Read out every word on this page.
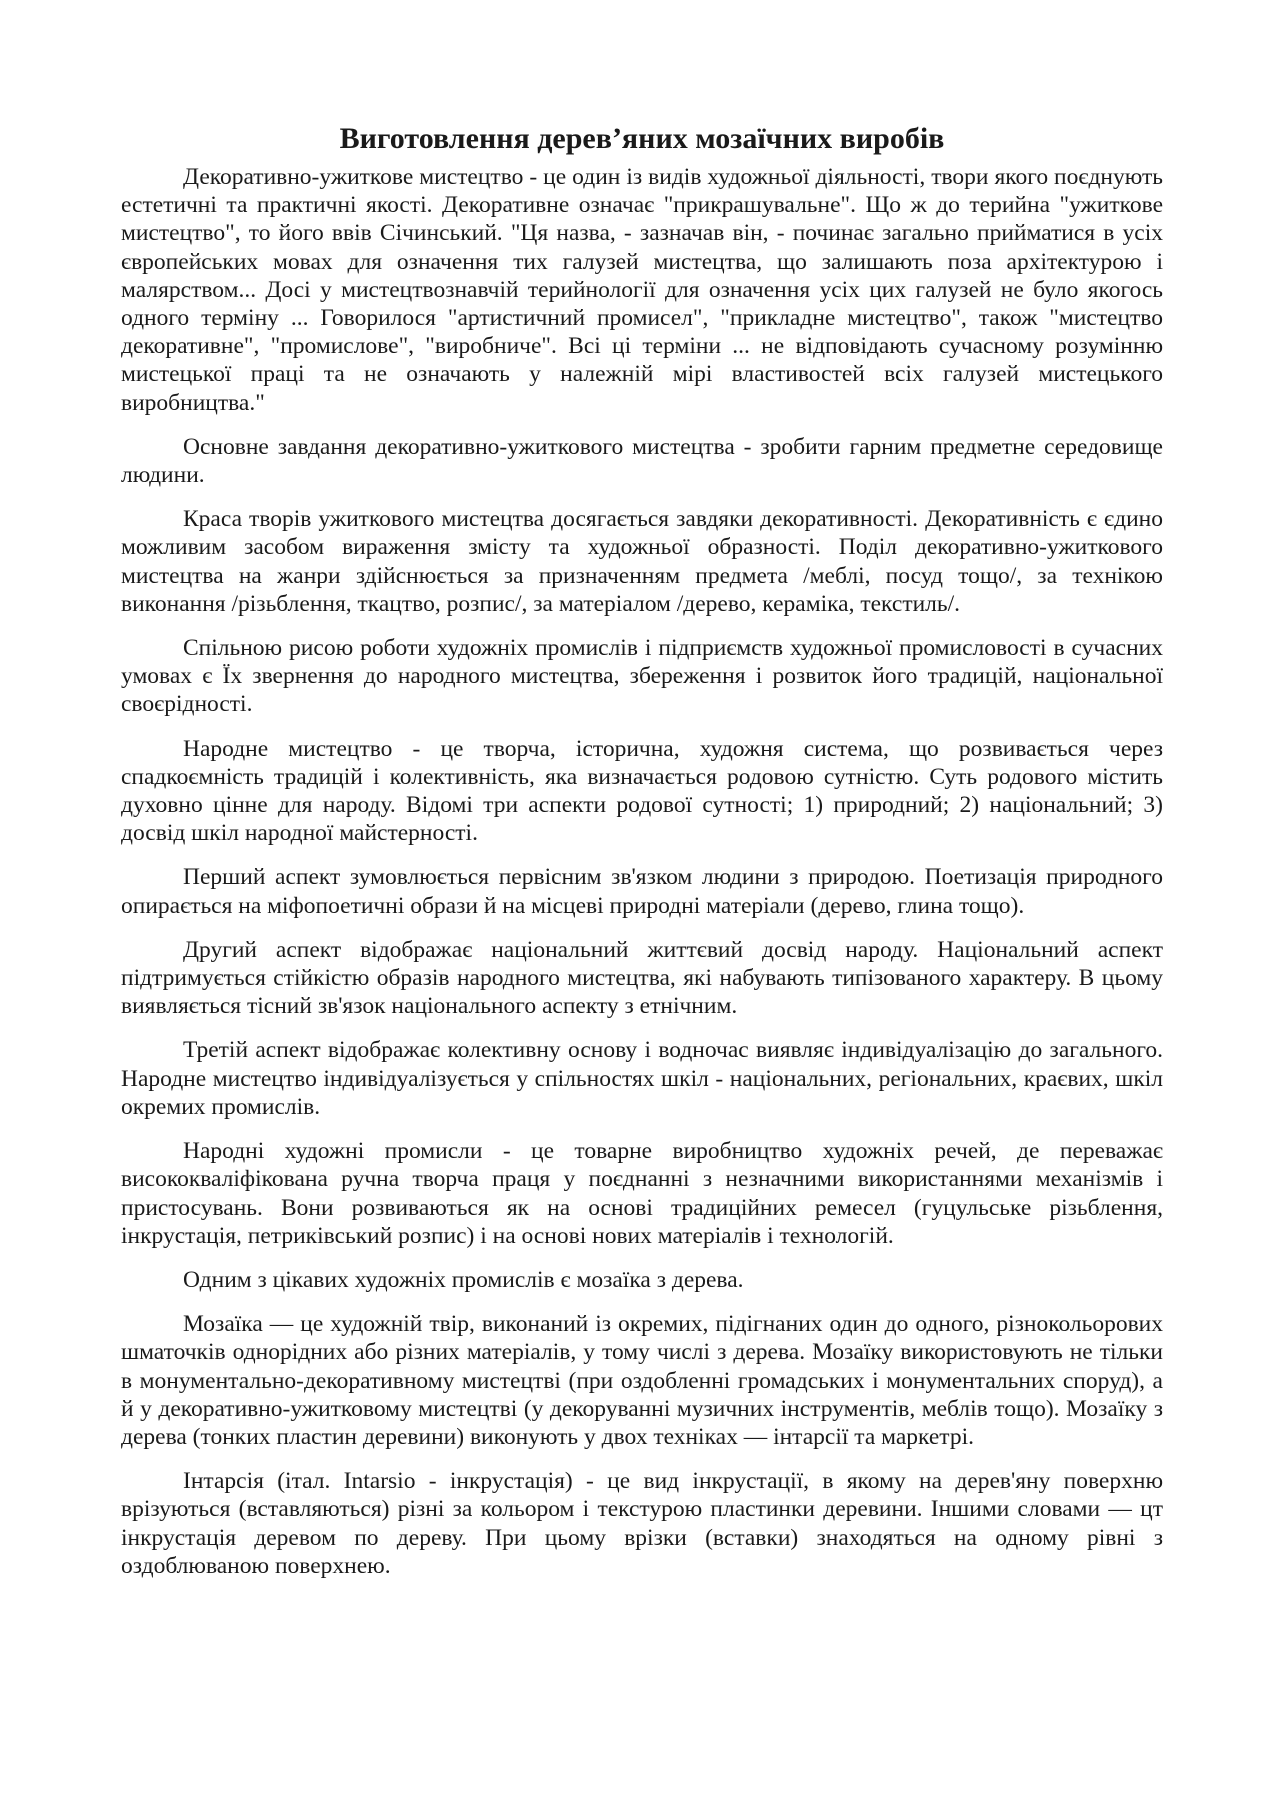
Виготовлення дерев’яних мозаїчних виробів

Декоративно-ужиткове мистецтво - це один із видів художньої діяльності, твори якого поєднують естетичні та практичні якості. Декоративне означає "прикрашувальне". Що ж до терийна "ужиткове мистецтво", то його ввів Січинський. "Ця назва, - зазначав він, - починає загально прийматися в усіх європейських мовах для означення тих галузей мистецтва, що залишають поза архітектурою і малярством... Досі у мистецтвознавчій терийнології для означення усіх цих галузей не було якогось одного терміну ... Говорилося "артистичний промисел", "прикладне мистецтво", також "мистецтво декоративне", "промислове", "виробниче". Всі ці терміни ... не відповідають сучасному розумінню мистецької праці та не означають у належній мірі властивостей всіх галузей мистецького виробництва."

Основне завдання декоративно-ужиткового мистецтва - зробити гарним предметне середовище людини.

Краса творів ужиткового мистецтва досягається завдяки декоративності. Декоративність є єдино можливим засобом вираження змісту та художньої образності. Поділ декоративно-ужиткового мистецтва на жанри здійснюється за призначенням предмета /меблі, посуд тощо/, за технікою виконання /різьблення, ткацтво, розпис/, за матеріалом /дерево, кераміка, текстиль/.

Спільною рисою роботи художніх промислів і підприємств художньої промисловості в сучасних умовах є Їх звернення до народного мистецтва, збереження і розвиток його традицій, національної своєрідності.

Народне мистецтво - це творча, історична, художня система, що розвивається через спадкоємність традицій і колективність, яка визначається родовою сутністю. Суть родового містить духовно цінне для народу. Відомі три аспекти родової сутності; 1) природний; 2) національний; 3) досвід шкіл народної майстерності.

Перший аспект зумовлюється первісним зв'язком людини з природою. Поетизація природного опирається на міфопоетичні образи й на місцеві природні матеріали (дерево, глина тощо).

Другий аспект відображає національний життєвий досвід народу. Національний аспект підтримується стійкістю образів народного мистецтва, які набувають типізованого характеру. В цьому виявляється тісний зв'язок національного аспекту з етнічним.

Третій аспект відображає колективну основу і водночас виявляє індивідуалізацію до загального. Народне мистецтво індивідуалізується у спільностях шкіл - національних, регіональних, краєвих, шкіл окремих промислів.

Народні художні промисли - це товарне виробництво художніх речей, де переважає висококваліфікована ручна творча праця у поєднанні з незначними використаннями механізмів і пристосувань. Вони розвиваються як на основі традиційних ремесел (гуцульське різьблення, інкрустація, петриківський розпис) і на основі нових матеріалів і технологій.

Одним з цікавих художніх промислів є мозаїка з дерева.

Мозаїка — це художній твір, виконаний із окремих, підігнаних один до одного, різнокольорових шматочків однорідних або різних матеріалів, у тому числі з дерева. Мозаїку використовують не тільки в монументально-декоративному мистецтві (при оздобленні громадських і монументальних споруд), а й у декоративно-ужитковому мистецтві (у декоруванні музичних інструментів, меблів тощо). Мозаїку з дерева (тонких пластин деревини) виконують у двох техніках — інтарсії та маркетрі.

Інтарсія (італ. Intarsio - інкрустація) - це вид інкрустації, в якому на дерев'яну поверхню врізуються (вставляються) різні за кольором і текстурою пластинки деревини. Іншими словами — цт інкрустація деревом по дереву. При цьому врізки (вставки) знаходяться на одному рівні з оздоблюваною поверхнею.
